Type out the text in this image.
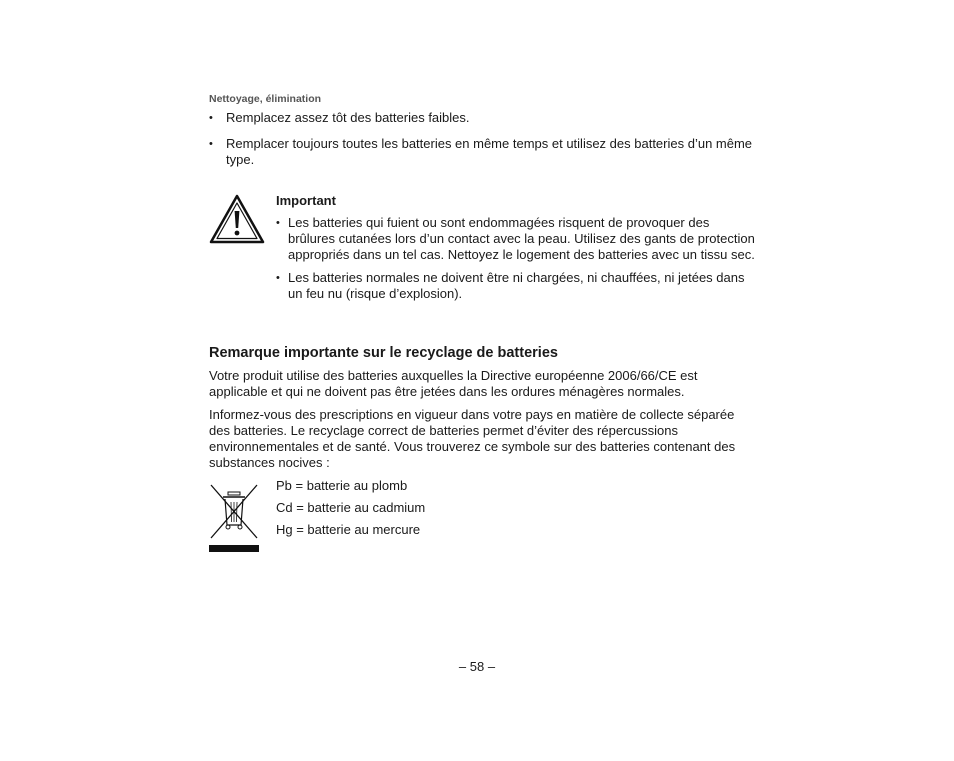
Nettoyage, élimination
• Remplacez assez tôt des batteries faibles.
• Remplacer toujours toutes les batteries en même temps et utilisez des batteries d’un même type.
Important
• Les batteries qui fuient ou sont endommagées risquent de provoquer des brûlures cutanées lors d’un contact avec la peau. Utilisez des gants de protection appropriés dans un tel cas. Nettoyez le logement des batteries avec un tissu sec.
• Les batteries normales ne doivent être ni chargées, ni chauffées, ni jetées dans un feu nu (risque d’explosion).
Remarque importante sur le recyclage de batteries

Votre produit utilise des batteries auxquelles la Directive européenne 2006/66/CE est applicable et qui ne doivent pas être jetées dans les ordures ménagères normales.

Informez-vous des prescriptions en vigueur dans votre pays en matière de collecte séparée des batteries. Le recyclage correct de batteries permet d’éviter des répercussions environnementales et de santé. Vous trouverez ce symbole sur des batteries contenant des substances nocives :

Pb = batterie au plomb
Cd = batterie au cadmium
Hg = batterie au mercure
– 58 –
